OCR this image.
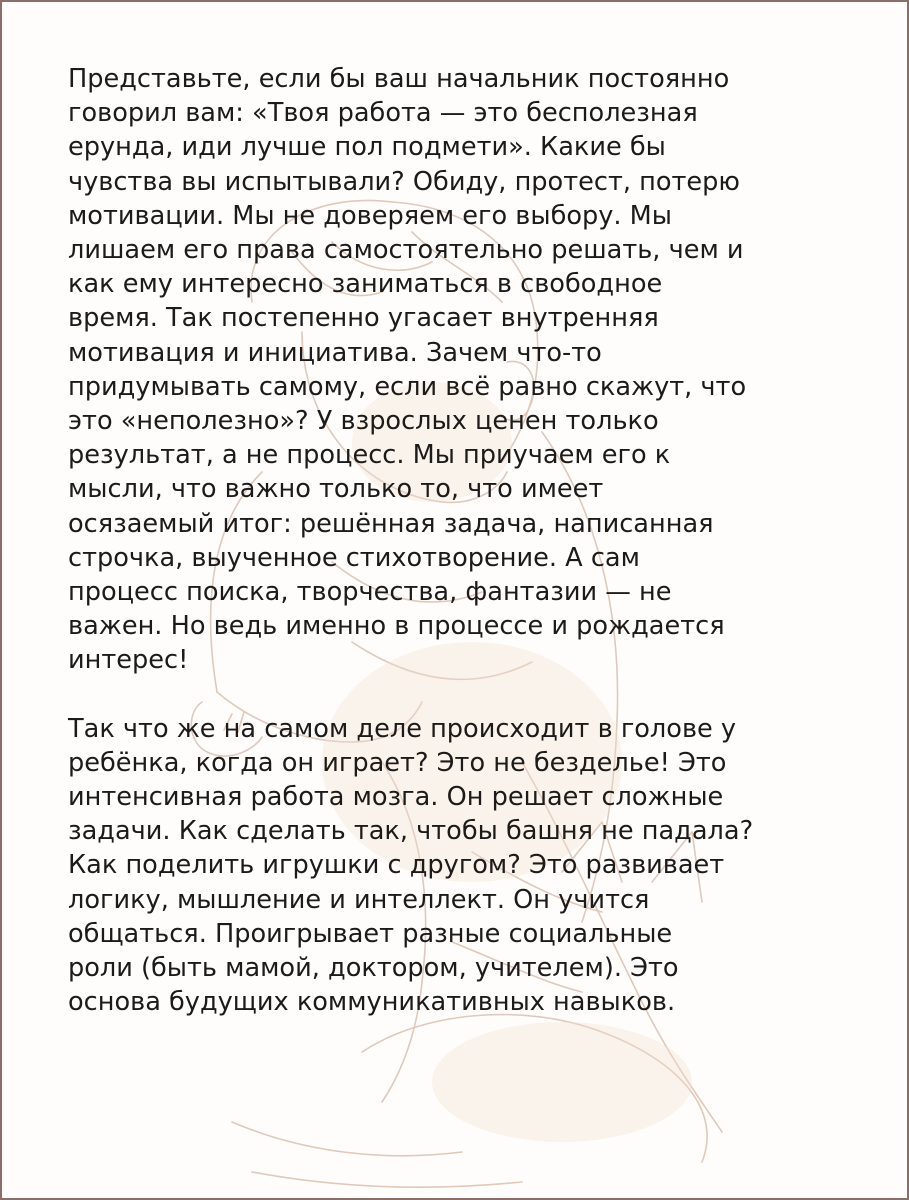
Представьте, если бы ваш начальник постоянно
говорил вам: «Твоя работа — это бесполезная
ерунда, иди лучше пол подмети». Какие бы
чувства вы испытывали? Обиду, протест, потерю
мотивации. Мы не доверяем его выбору. Мы
лишаем его права самостоятельно решать, чем и
как ему интересно заниматься в свободное
время. Так постепенно угасает внутренняя
мотивация и инициатива. Зачем что-то
придумывать самому, если всё равно скажут, что
это «неполезно»? У взрослых ценен только
результат, а не процесс. Мы приучаем его к
мысли, что важно только то, что имеет
осязаемый итог: решённая задача, написанная
строчка, выученное стихотворение. А сам
процесс поиска, творчества, фантазии — не
важен. Но ведь именно в процессе и рождается
интерес!

Так что же на самом деле происходит в голове у
ребёнка, когда он играет? Это не безделье! Это
интенсивная работа мозга. Он решает сложные
задачи. Как сделать так, чтобы башня не падала?
Как поделить игрушки с другом? Это развивает
логику, мышление и интеллект. Он учится
общаться. Проигрывает разные социальные
роли (быть мамой, доктором, учителем). Это
основа будущих коммуникативных навыков.
